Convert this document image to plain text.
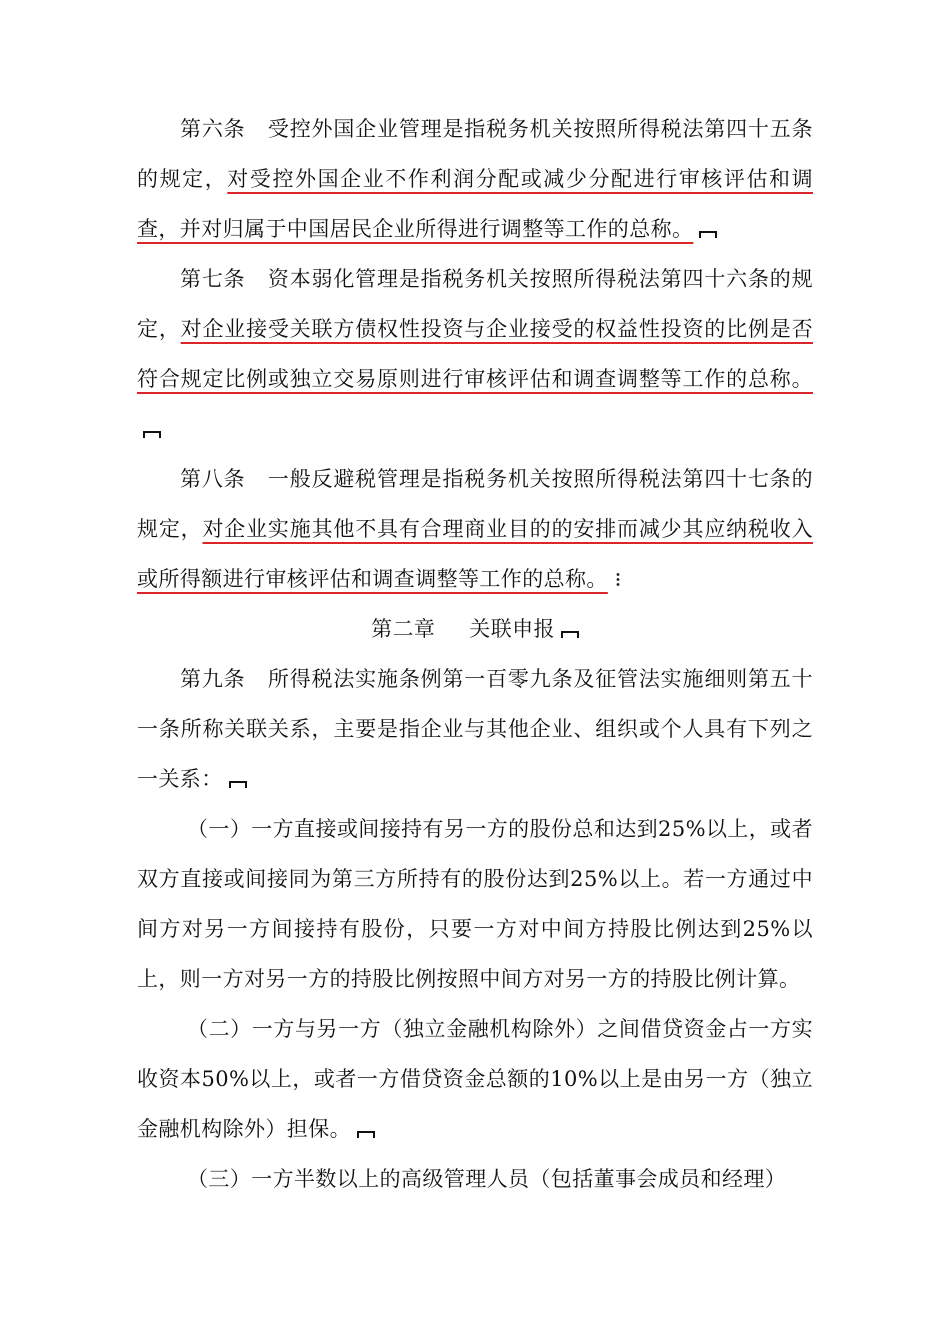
第六条 受控外国企业管理是指税务机关按照所得税法第四十五条的规定，对受控外国企业不作利润分配或减少分配进行审核评估和调查，并对归属于中国居民企业所得进行调整等工作的总称。

第七条 资本弱化管理是指税务机关按照所得税法第四十六条的规定，对企业接受关联方债权性投资与企业接受的权益性投资的比例是否符合规定比例或独立交易原则进行审核评估和调查调整等工作的总称。

第八条 一般反避税管理是指税务机关按照所得税法第四十七条的规定，对企业实施其他不具有合理商业目的的安排而减少其应纳税收入或所得额进行审核评估和调查调整等工作的总称。

第二章 关联申报

第九条 所得税法实施条例第一百零九条及征管法实施细则第五十一条所称关联关系，主要是指企业与其他企业、组织或个人具有下列之一关系：

（一）一方直接或间接持有另一方的股份总和达到25%以上，或者双方直接或间接同为第三方所持有的股份达到25%以上。若一方通过中间方对另一方间接持有股份，只要一方对中间方持股比例达到25%以上，则一方对另一方的持股比例按照中间方对另一方的持股比例计算。

（二）一方与另一方（独立金融机构除外）之间借贷资金占一方实收资本50%以上，或者一方借贷资金总额的10%以上是由另一方（独立金融机构除外）担保。

（三）一方半数以上的高级管理人员（包括董事会成员和经理）
